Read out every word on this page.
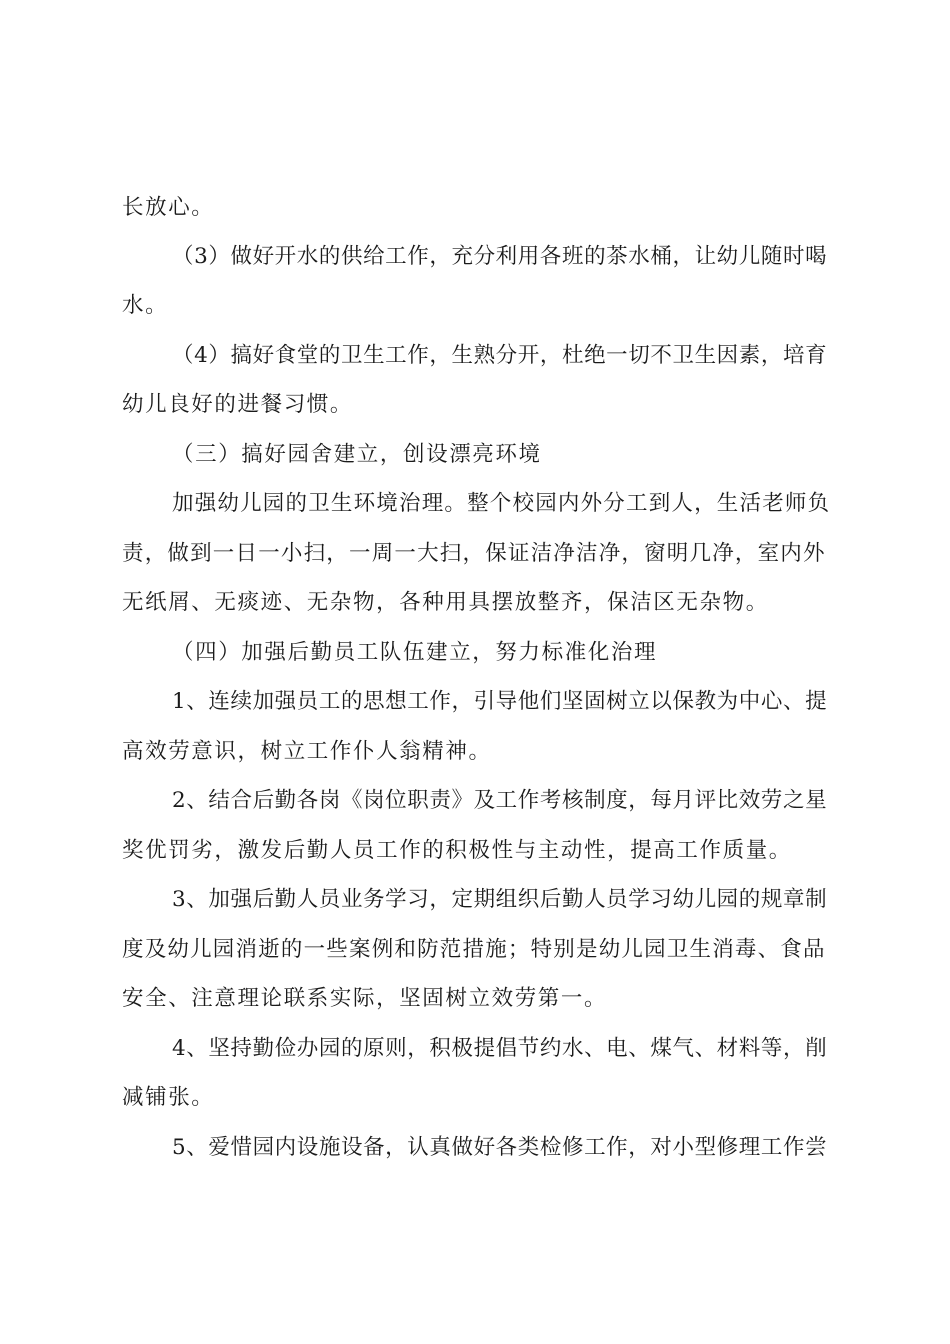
长放心。
（3）做好开水的供给工作，充分利用各班的茶水桶，让幼儿随时喝
水。
（4）搞好食堂的卫生工作，生熟分开，杜绝一切不卫生因素，培育
幼儿良好的进餐习惯。
（三）搞好园舍建立，创设漂亮环境
加强幼儿园的卫生环境治理。整个校园内外分工到人，生活老师负
责，做到一日一小扫，一周一大扫，保证洁净洁净，窗明几净，室内外
无纸屑、无痰迹、无杂物，各种用具摆放整齐，保洁区无杂物。
（四）加强后勤员工队伍建立，努力标准化治理
1、连续加强员工的思想工作，引导他们坚固树立以保教为中心、提
高效劳意识，树立工作仆人翁精神。
2、结合后勤各岗《岗位职责》及工作考核制度，每月评比效劳之星
奖优罚劣，激发后勤人员工作的积极性与主动性，提高工作质量。
3、加强后勤人员业务学习，定期组织后勤人员学习幼儿园的规章制
度及幼儿园消逝的一些案例和防范措施；特别是幼儿园卫生消毒、食品
安全、注意理论联系实际，坚固树立效劳第一。
4、坚持勤俭办园的原则，积极提倡节约水、电、煤气、材料等，削
减铺张。
5、爱惜园内设施设备，认真做好各类检修工作，对小型修理工作尝
